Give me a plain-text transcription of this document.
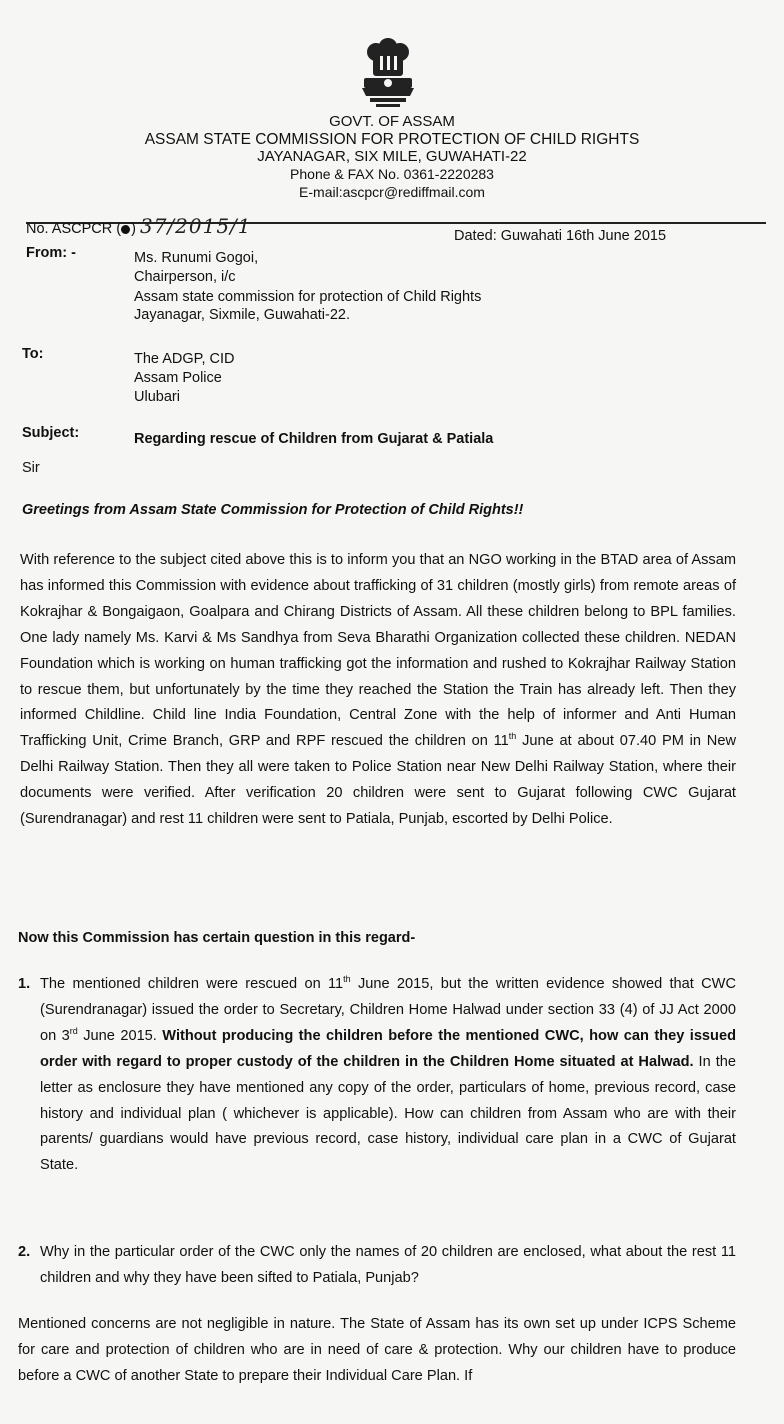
GOVT. OF ASSAM
ASSAM STATE COMMISSION FOR PROTECTION OF CHILD RIGHTS
JAYANAGAR, SIX MILE, GUWAHATI-22
Phone & FAX No. 0361-2220283
E-mail:ascpcr@rediffmail.com
No. ASCPCR ( ) 37/2015/1	Dated: Guwahati 16th June 2015
From: -	Ms. Runumi Gogoi,
Chairperson, i/c
Assam state commission for protection of Child Rights
Jayanagar, Sixmile, Guwahati-22.
To:	The ADGP, CID
Assam Police
Ulubari
Subject:	Regarding rescue of Children from Gujarat & Patiala
Sir
Greetings from Assam State Commission for Protection of Child Rights!!
With reference to the subject cited above this is to inform you that an NGO working in the BTAD area of Assam has informed this Commission with evidence about trafficking of 31 children (mostly girls) from remote areas of Kokrajhar & Bongaigaon, Goalpara and Chirang Districts of Assam. All these children belong to BPL families. One lady namely Ms. Karvi & Ms Sandhya from Seva Bharathi Organization collected these children. NEDAN Foundation which is working on human trafficking got the information and rushed to Kokrajhar Railway Station to rescue them, but unfortunately by the time they reached the Station the Train has already left. Then they informed Childline. Child line India Foundation, Central Zone with the help of informer and Anti Human Trafficking Unit, Crime Branch, GRP and RPF rescued the children on 11th June at about 07.40 PM in New Delhi Railway Station. Then they all were taken to Police Station near New Delhi Railway Station, where their documents were verified. After verification 20 children were sent to Gujarat following CWC Gujarat (Surendranagar) and rest 11 children were sent to Patiala, Punjab, escorted by Delhi Police.
Now this Commission has certain question in this regard-
1. The mentioned children were rescued on 11th June 2015, but the written evidence showed that CWC (Surendranagar) issued the order to Secretary, Children Home Halwad under section 33 (4) of JJ Act 2000 on 3rd June 2015. Without producing the children before the mentioned CWC, how can they issued order with regard to proper custody of the children in the Children Home situated at Halwad. In the letter as enclosure they have mentioned any copy of the order, particulars of home, previous record, case history and individual plan ( whichever is applicable). How can children from Assam who are with their parents/ guardians would have previous record, case history, individual care plan in a CWC of Gujarat State.
2. Why in the particular order of the CWC only the names of 20 children are enclosed, what about the rest 11 children and why they have been sifted to Patiala, Punjab?
Mentioned concerns are not negligible in nature. The State of Assam has its own set up under ICPS Scheme for care and protection of children who are in need of care & protection. Why our children have to produce before a CWC of another State to prepare their Individual Care Plan. If
